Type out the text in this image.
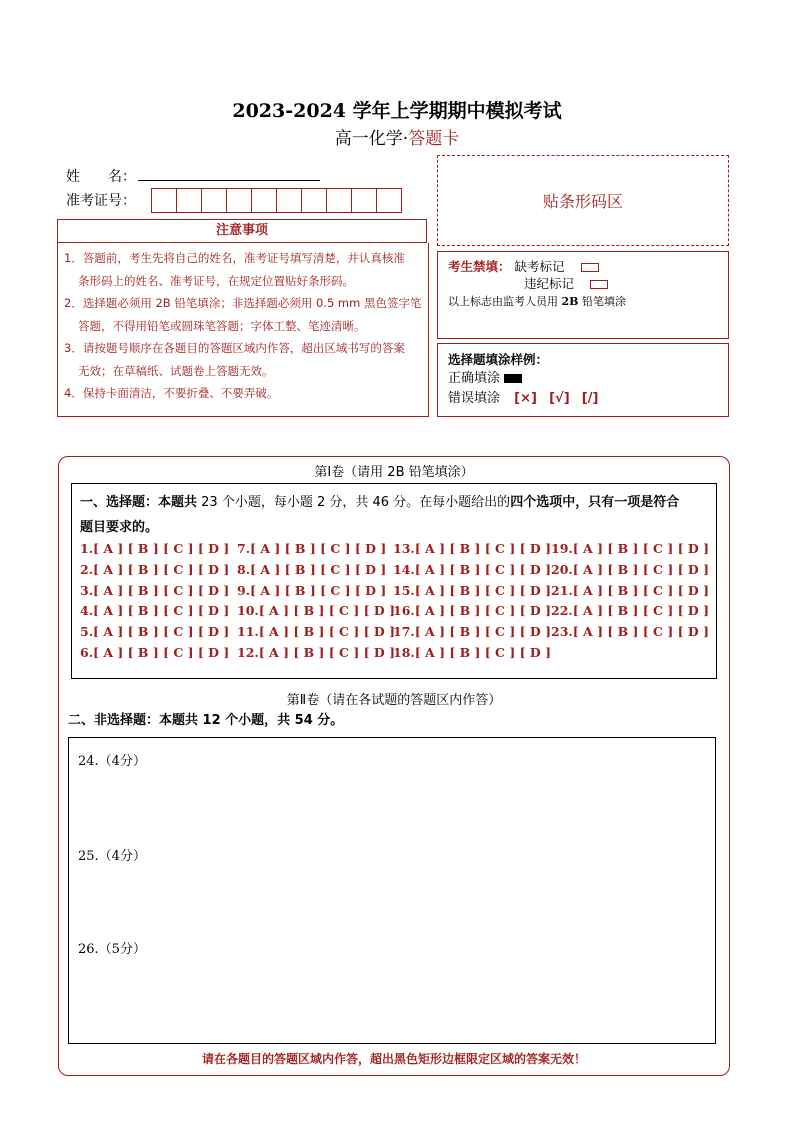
2023-2024 学年上学期期中模拟考试
高一化学·答题卡
姓　　名：
准考证号：	贴条形码区
注意事项
1．答题前，考生先将自己的姓名，准考证号填写清楚，并认真核准
条形码上的姓名、准考证号，在规定位置贴好条形码。
2．选择题必须用 2B 铅笔填涂；非选择题必须用 0.5 mm 黑色签字笔
答题，不得用铅笔或圆珠笔答题；字体工整、笔迹清晰。
3．请按题号顺序在各题目的答题区域内作答，超出区域书写的答案
无效；在草稿纸、试题卷上答题无效。
4．保持卡面清洁，不要折叠、不要弄破。
考生禁填： 缺考标记
违纪标记
以上标志由监考人员用 2B 铅笔填涂
选择题填涂样例：
正确填涂
错误填涂 [×] [√] [/]
第Ⅰ卷（请用 2B 铅笔填涂）
一、选择题：本题共 23 个小题，每小题 2 分，共 46 分。在每小题给出的四个选项中，只有一项是符合
题目要求的。
1.[ A ] [ B ] [ C ] [ D ]
2.[ A ] [ B ] [ C ] [ D ]
3.[ A ] [ B ] [ C ] [ D ]
4.[ A ] [ B ] [ C ] [ D ]
5.[ A ] [ B ] [ C ] [ D ]
6.[ A ] [ B ] [ C ] [ D ]
7.[ A ] [ B ] [ C ] [ D ]
8.[ A ] [ B ] [ C ] [ D ]
9.[ A ] [ B ] [ C ] [ D ]
10.[ A ] [ B ] [ C ] [ D ]
11.[ A ] [ B ] [ C ] [ D ]
12.[ A ] [ B ] [ C ] [ D ]
13.[ A ] [ B ] [ C ] [ D ]
14.[ A ] [ B ] [ C ] [ D ]
15.[ A ] [ B ] [ C ] [ D ]
16.[ A ] [ B ] [ C ] [ D ]
17.[ A ] [ B ] [ C ] [ D ]
18.[ A ] [ B ] [ C ] [ D ]
19.[ A ] [ B ] [ C ] [ D ]
20.[ A ] [ B ] [ C ] [ D ]
21.[ A ] [ B ] [ C ] [ D ]
22.[ A ] [ B ] [ C ] [ D ]
23.[ A ] [ B ] [ C ] [ D ]
第Ⅱ卷（请在各试题的答题区内作答）
二、非选择题：本题共 12 个小题，共 54 分。
24.（4分）
25.（4分）
26.（5分）
请在各题目的答题区域内作答，超出黑色矩形边框限定区域的答案无效！
